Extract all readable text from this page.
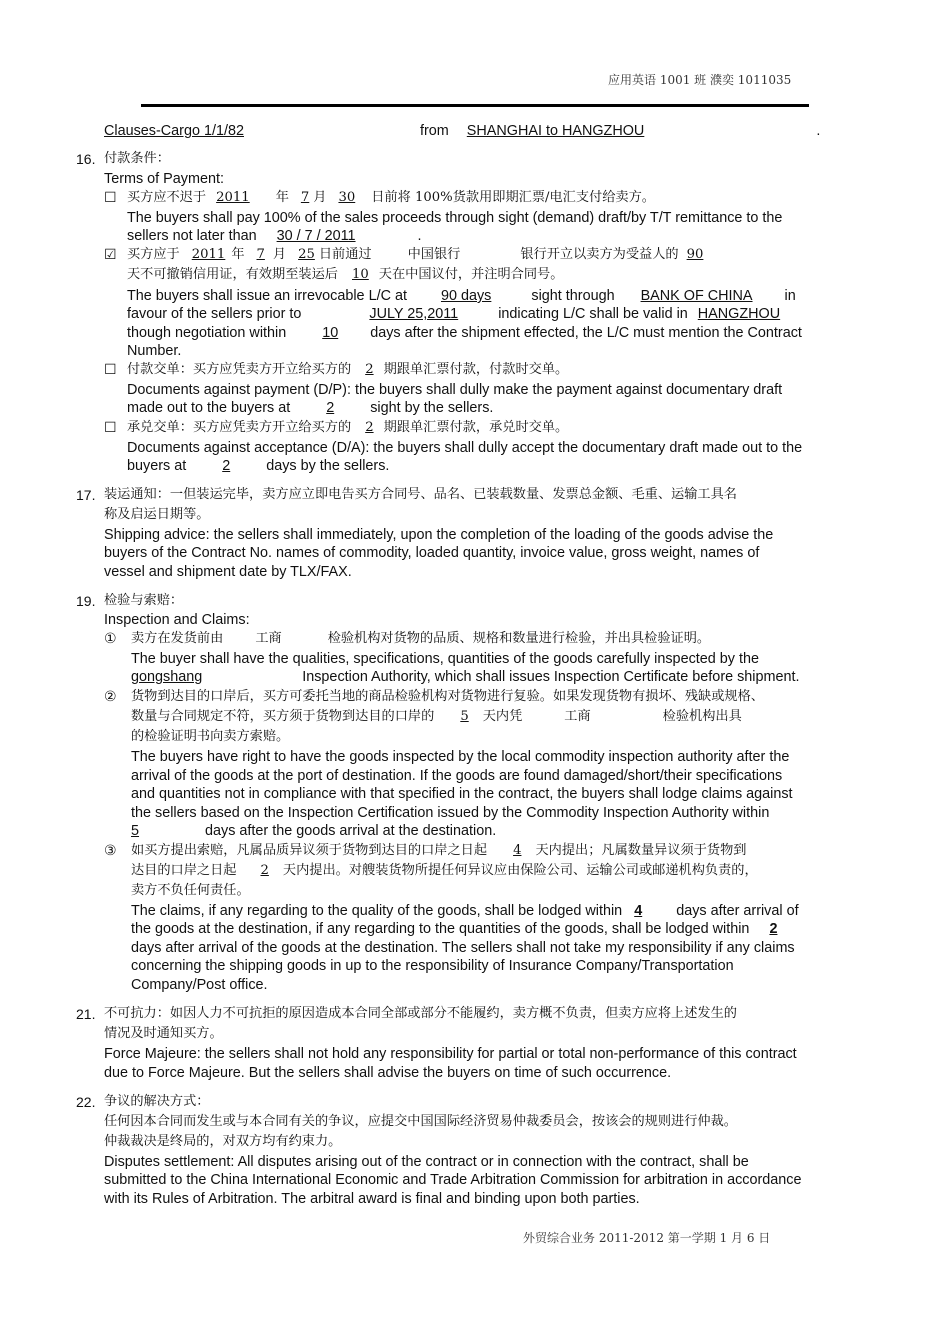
应用英语 1001 班 濮奕 1011035
Clauses-Cargo 1/1/82	from SHANGHAI to HANGZHOU	.
16. 付款条件：
Terms of Payment:
☐ 买方应不迟于 2011 年 7 月 30 日前将 100%货款用即期汇票/电汇支付给卖方。
The buyers shall pay 100% of the sales proceeds through sight (demand) draft/by T/T remittance to the
sellers not later than 30 / 7 / 2011	.
☑ 买方应于 2011 年 7 月 25 日前通过	中国银行	银行开立以卖方为受益人的 90
天不可撤销信用证，有效期至装运后 10 天在中国议付，并注明合同号。
The buyers shall issue an irrevocable L/C at 90 days	sight through BANK OF CHINA in
favour of the sellers prior to	JULY 25,2011	indicating L/C shall be valid in HANGZHOU
though negotiation within	10 days after the shipment effected, the L/C must mention the Contract
Number.
☐ 付款交单：买方应凭卖方开立给买方的 2 期跟单汇票付款，付款时交单。
Documents against payment (D/P): the buyers shall dully make the payment against documentary draft
made out to the buyers at	2	sight by the sellers.
☐ 承兑交单：买方应凭卖方开立给买方的 2 期跟单汇票付款，承兑时交单。
Documents against acceptance (D/A): the buyers shall dully accept the documentary draft made out to the
buyers at	2	days by the sellers.
17. 装运通知：一但装运完毕，卖方应立即电告买方合同号、品名、已装载数量、发票总金额、毛重、运输工具名
称及启运日期等。
Shipping advice: the sellers shall immediately, upon the completion of the loading of the goods advise the
buyers of the Contract No. names of commodity, loaded quantity, invoice value, gross weight, names of
vessel and shipment date by TLX/FAX.
19. 检验与索赔：
Inspection and Claims:
① 卖方在发货前由 工商	检验机构对货物的品质、规格和数量进行检验，并出具检验证明。
The buyer shall have the qualities, specifications, quantities of the goods carefully inspected by the
gongshang	Inspection Authority, which shall issues Inspection Certificate before shipment.
② 货物到达目的口岸后，买方可委托当地的商品检验机构对货物进行复验。如果发现货物有损坏、残缺或规格、
数量与合同规定不符，买方须于货物到达目的口岸的 5 天内凭	工商	检验机构出具
的检验证明书向卖方索赔。
The buyers have right to have the goods inspected by the local commodity inspection authority after the
arrival of the goods at the port of destination. If the goods are found damaged/short/their specifications
and quantities not in compliance with that specified in the contract, the buyers shall lodge claims against
the sellers based on the Inspection Certification issued by the Commodity Inspection Authority within
5	days after the goods arrival at the destination.
③ 如买方提出索赔，凡属品质异议须于货物到达目的口岸之日起 4 天内提出；凡属数量异议须于货物到
达目的口岸之日起 2 天内提出。对艘装货物所提任何异议应由保险公司、运输公司或邮递机构负责的，
卖方不负任何责任。
The claims, if any regarding to the quality of the goods, shall be lodged within 4 days after arrival of
the goods at the destination, if any regarding to the quantities of the goods, shall be lodged within 2
days after arrival of the goods at the destination. The sellers shall not take my responsibility if any claims
concerning the shipping goods in up to the responsibility of Insurance Company/Transportation
Company/Post office.
21. 不可抗力：如因人力不可抗拒的原因造成本合同全部或部分不能履约，卖方概不负责，但卖方应将上述发生的
情况及时通知买方。
Force Majeure: the sellers shall not hold any responsibility for partial or total non-performance of this contract
due to Force Majeure. But the sellers shall advise the buyers on time of such occurrence.
22. 争议的解决方式：
任何因本合同而发生或与本合同有关的争议，应提交中国国际经济贸易仲裁委员会，按该会的规则进行仲裁。
仲裁裁决是终局的，对双方均有约束力。
Disputes settlement: All disputes arising out of the contract or in connection with the contract, shall be
submitted to the China International Economic and Trade Arbitration Commission for arbitration in accordance
with its Rules of Arbitration. The arbitral award is final and binding upon both parties.
外贸综合业务 2011-2012 第一学期 1 月 6 日
